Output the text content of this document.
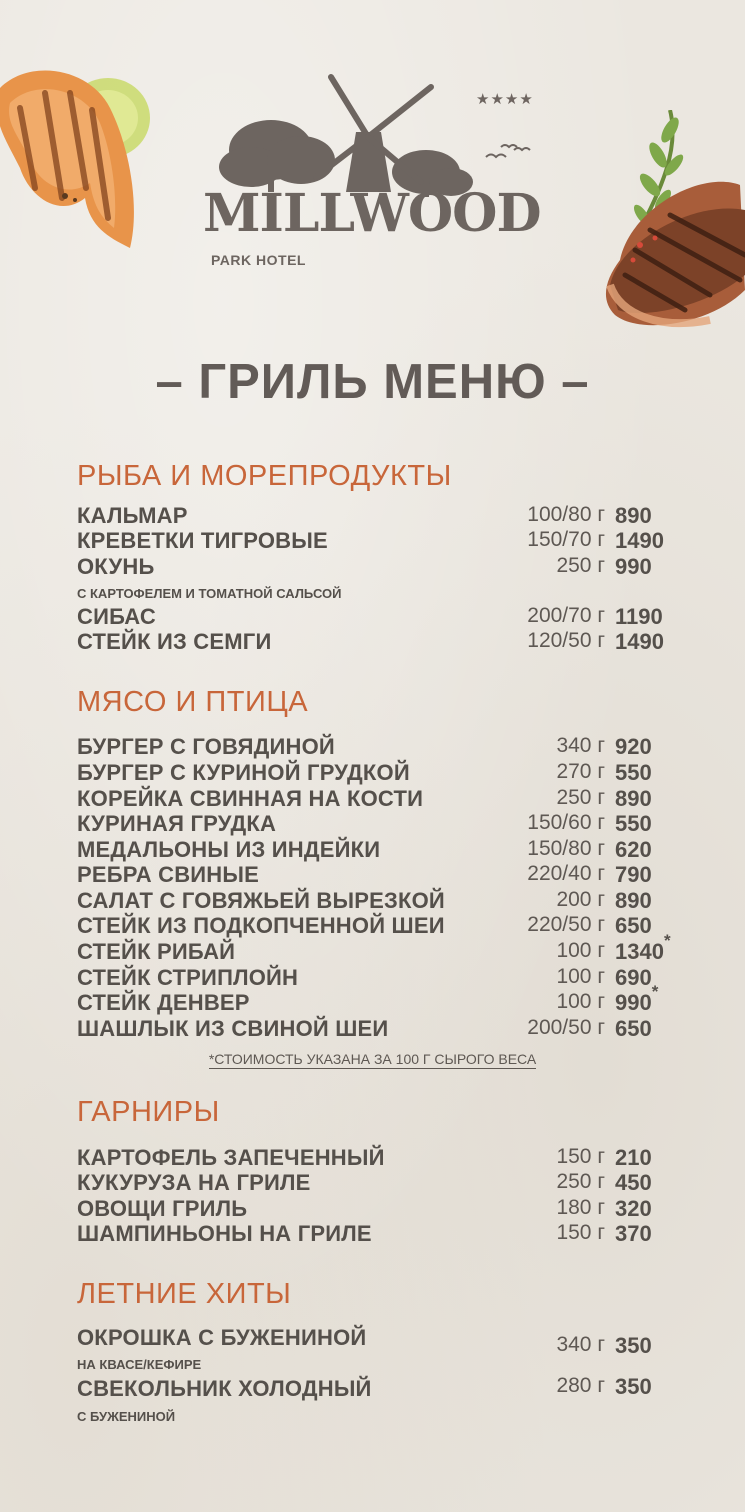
★★★★
MILLWOOD
PARK HOTEL
– ГРИЛЬ МЕНЮ –
РЫБА И МОРЕПРОДУКТЫ
КАЛЬМАР	100/80 г 890
КРЕВЕТКИ ТИГРОВЫЕ	150/70 г 1490
ОКУНЬ	250 г 990
С КАРТОФЕЛЕМ И ТОМАТНОЙ САЛЬСОЙ
СИБАС	200/70 г 1190
СТЕЙК ИЗ СЕМГИ	120/50 г 1490
МЯСО И ПТИЦА
БУРГЕР С ГОВЯДИНОЙ	340 г 920
БУРГЕР С КУРИНОЙ ГРУДКОЙ	270 г 550
КОРЕЙКА СВИННАЯ НА КОСТИ	250 г 890
КУРИНАЯ ГРУДКА	150/60 г 550
МЕДАЛЬОНЫ ИЗ ИНДЕЙКИ	150/80 г 620
РЕБРА СВИНЫЕ	220/40 г 790
САЛАТ С ГОВЯЖЬЕЙ ВЫРЕЗКОЙ	200 г 890
СТЕЙК ИЗ ПОДКОПЧЕННОЙ ШЕИ	220/50 г 650
СТЕЙК РИБАЙ	100 г 1340*
СТЕЙК СТРИПЛОЙН	100 г 690
СТЕЙК ДЕНВЕР	100 г 990*
ШАШЛЫК ИЗ СВИНОЙ ШЕИ	200/50 г 650
*СТОИМОСТЬ УКАЗАНА ЗА 100 Г СЫРОГО ВЕСА
ГАРНИРЫ
КАРТОФЕЛЬ ЗАПЕЧЕННЫЙ	150 г 210
КУКУРУЗА НА ГРИЛЕ	250 г 450
ОВОЩИ ГРИЛЬ	180 г 320
ШАМПИНЬОНЫ НА ГРИЛЕ	150 г 370
ЛЕТНИЕ ХИТЫ
ОКРОШКА С БУЖЕНИНОЙ	340 г 350
НА КВАСЕ/КЕФИРЕ
СВЕКОЛЬНИК ХОЛОДНЫЙ	280 г 350
С БУЖЕНИНОЙ
